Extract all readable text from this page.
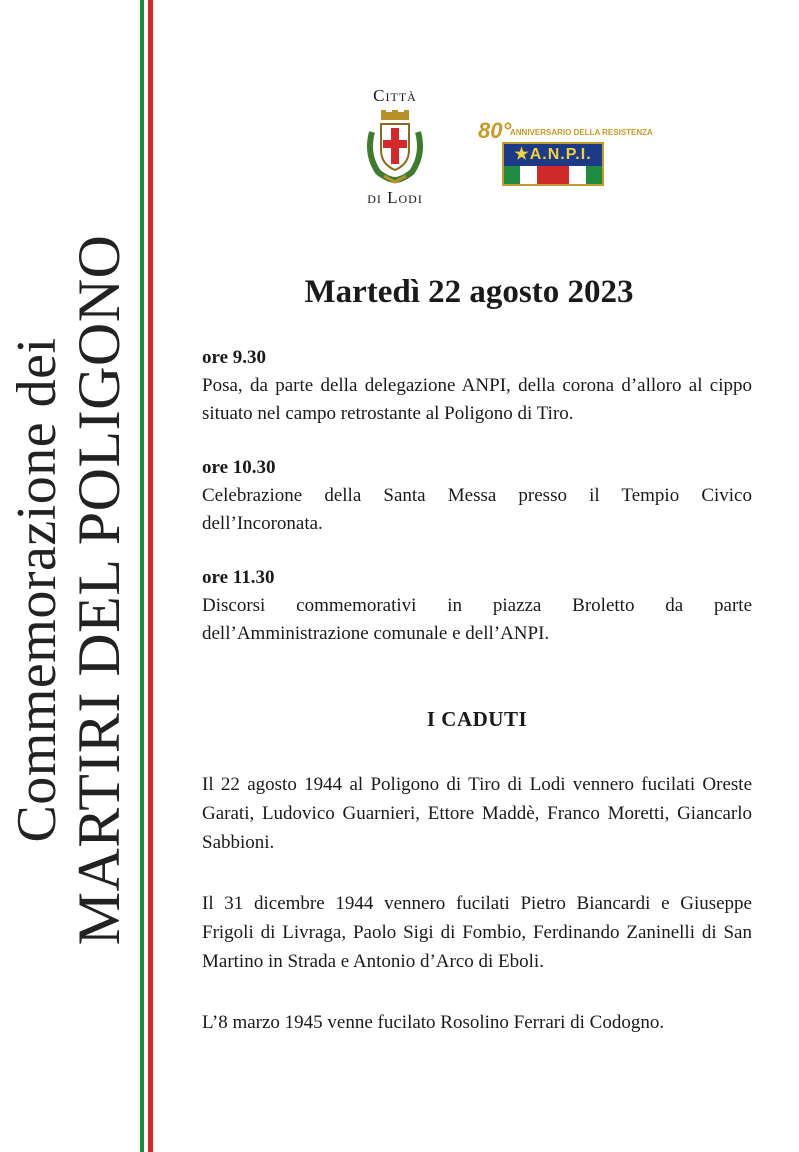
Commemorazione dei
MARTIRI DEL POLIGONO
Città
di Lodi
80°
ANNIVERSARIO DELLA RESISTENZA
★A.N.P.I.
Martedì 22 agosto 2023
ore 9.30
Posa, da parte della delegazione ANPI, della corona d’alloro al cippo situato nel campo retrostante al Poligono di Tiro.
ore 10.30
Celebrazione della Santa Messa presso il Tempio Civico dell’Incoronata.
ore 11.30
Discorsi commemorativi in piazza Broletto da parte dell’Amministrazione comunale e dell’ANPI.
I CADUTI

Il 22 agosto 1944 al Poligono di Tiro di Lodi vennero fucilati Oreste Garati, Ludovico Guarnieri, Ettore Maddè, Franco Moretti, Giancarlo Sabbioni.

Il 31 dicembre 1944 vennero fucilati Pietro Biancardi e Giuseppe Frigoli di Livraga, Paolo Sigi di Fombio, Ferdinando Zaninelli di San Martino in Strada e Antonio d’Arco di Eboli.

L’8 marzo 1945 venne fucilato Rosolino Ferrari di Codogno.
